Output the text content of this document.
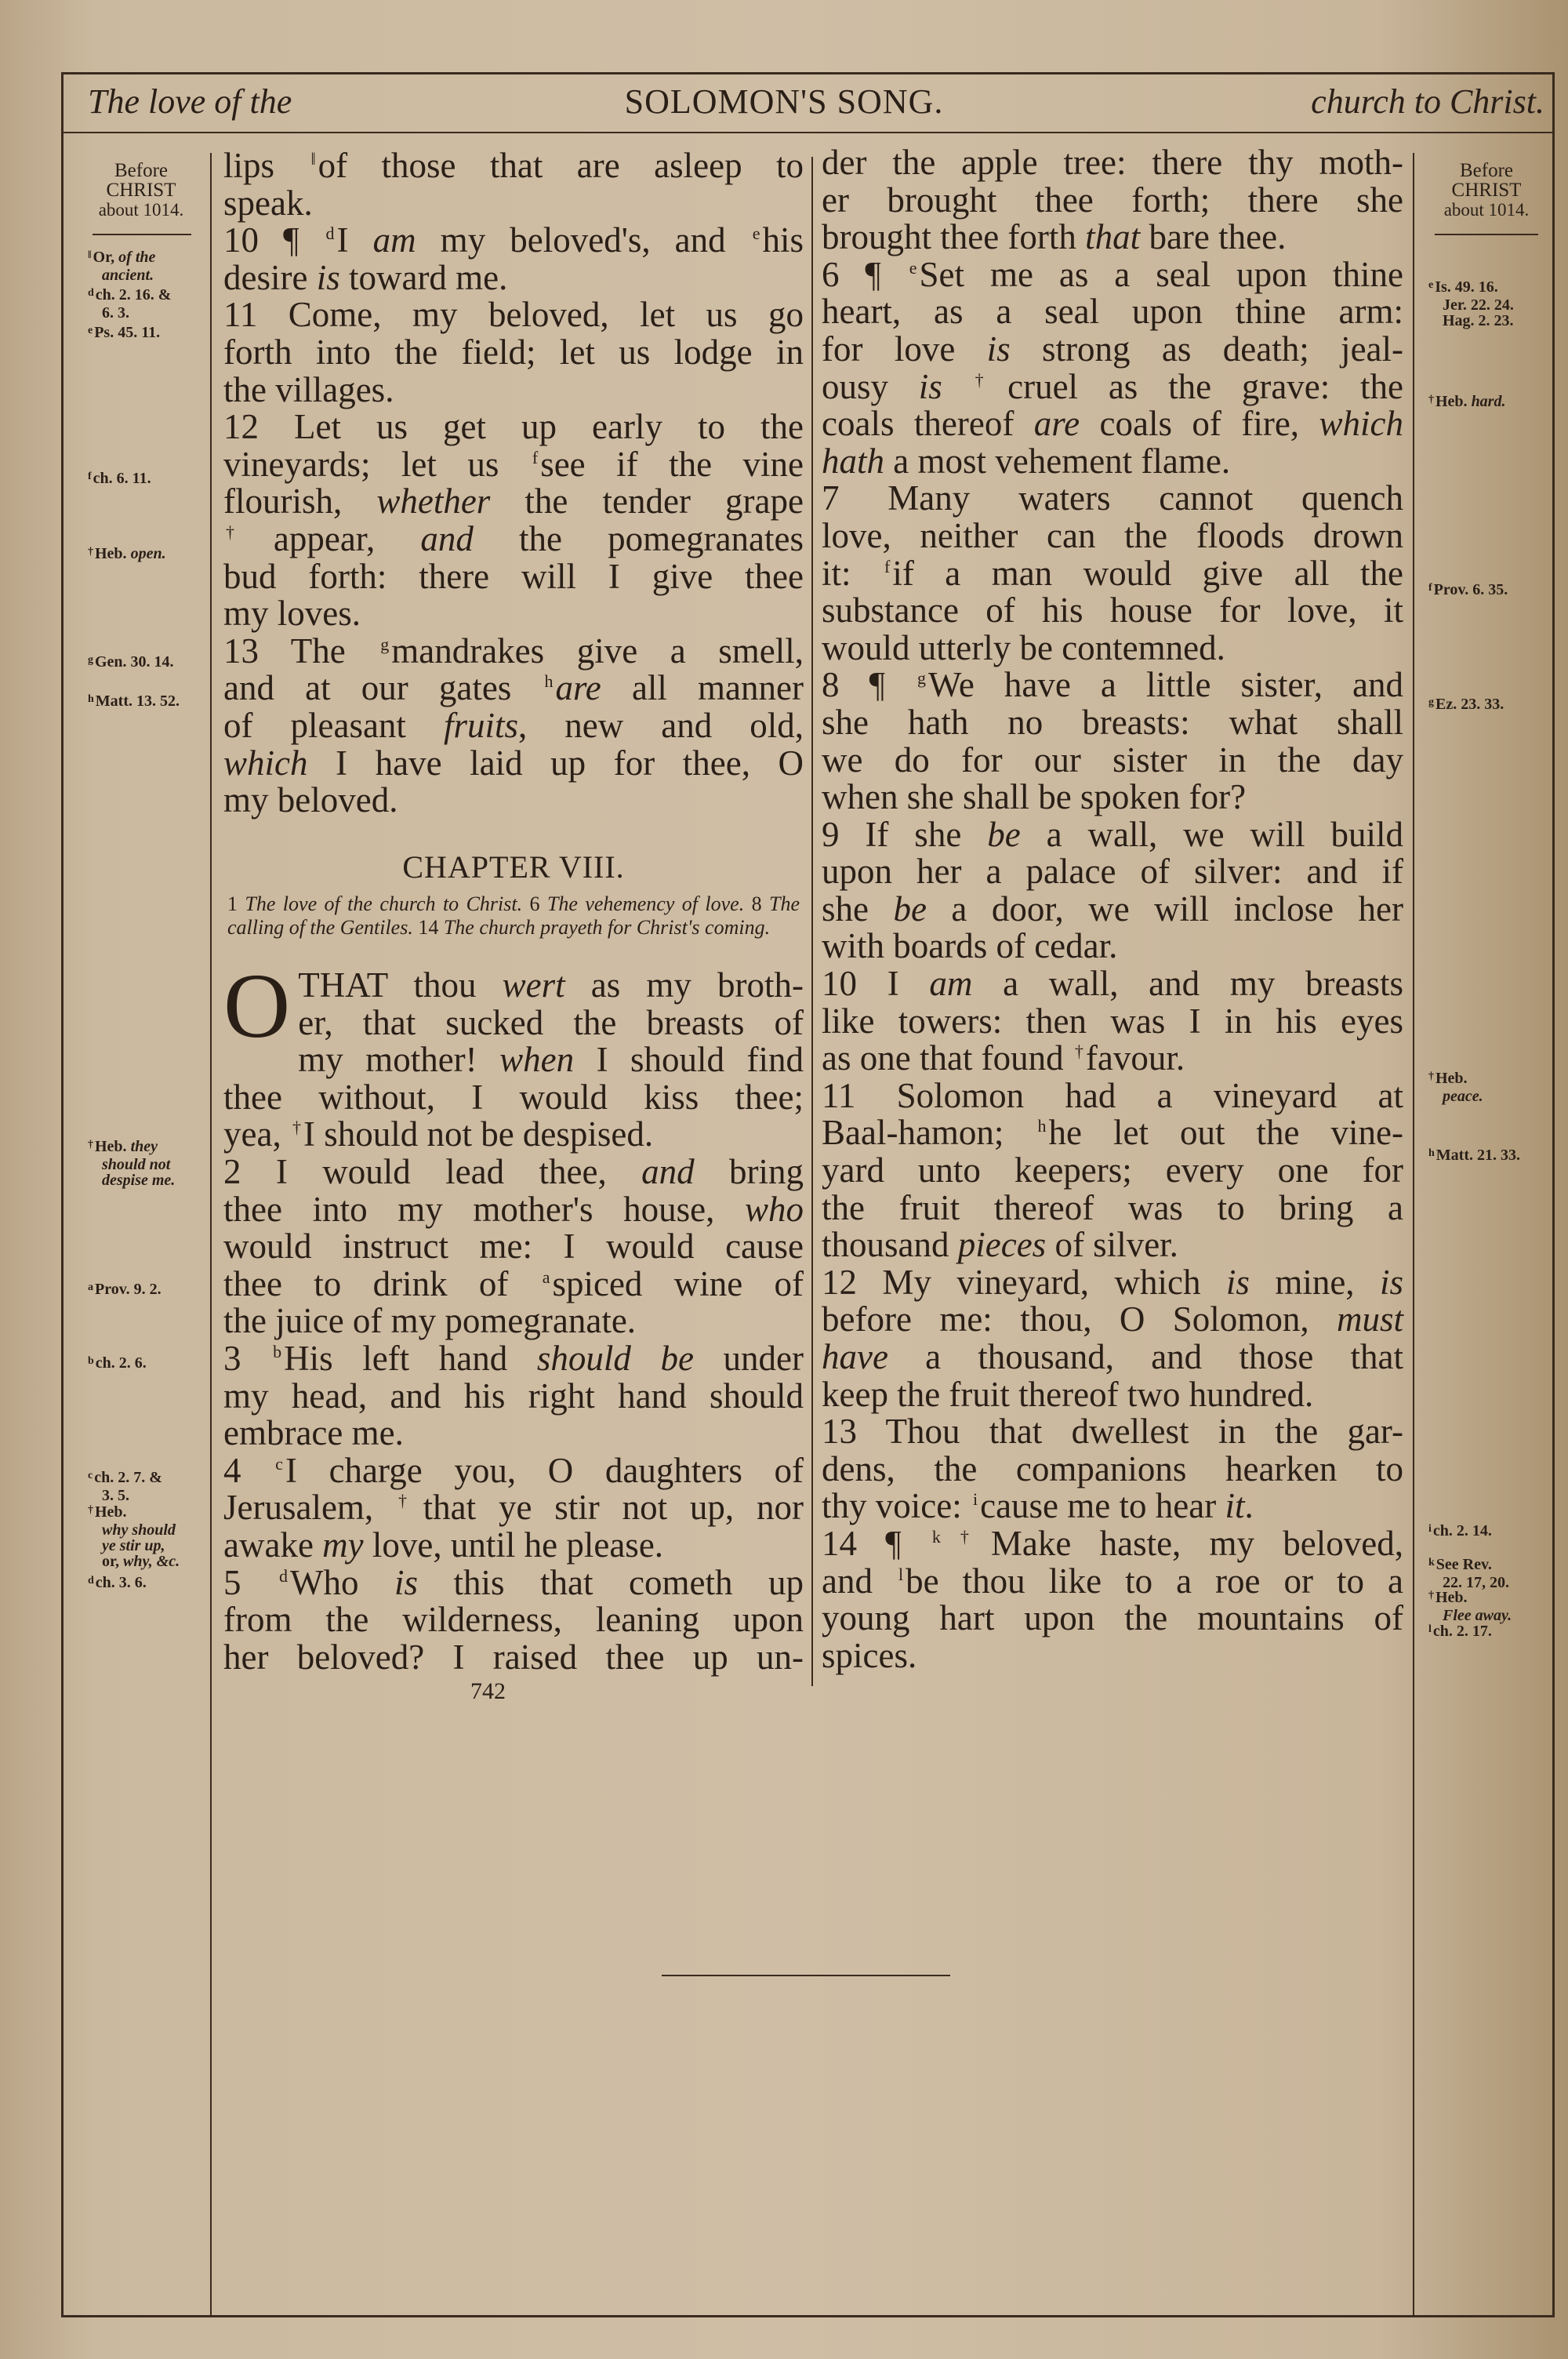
The love of the	SOLOMON'S SONG.	church to Christ.
Before
CHRIST
about 1014.
Before
CHRIST
about 1014.
lips ‖of those that are asleep to
speak.
10 ¶ $^d$I am my beloved's, and $^e$his
desire is toward me.
11 Come, my beloved, let us go
forth into the field; let us lodge in
the villages.
12 Let us get up early to the
vineyards; let us $^f$see if the vine
flourish, whether the tender grape
†appear, and the pomegranates
bud forth: there will I give thee
my loves.
13 The $^g$mandrakes give a smell,
and at our gates $^h$are all manner
of pleasant fruits, new and old,
which I have laid up for thee, O
my beloved.
CHAPTER VIII.
1 The love of the church to Christ. 6 The vehemency of love. 8 The calling of the Gentiles. 14 The church prayeth for Christ's coming.
O THAT thou wert as my broth-
er, that sucked the breasts of
my mother! when I should find
thee without, I would kiss thee;
yea, †I should not be despised.
2 I would lead thee, and bring
thee into my mother's house, who
would instruct me: I would cause
thee to drink of $^a$spiced wine of
the juice of my pomegranate.
3 $^b$His left hand should be under
my head, and his right hand should
embrace me.
4 $^c$I charge you, O daughters of
Jerusalem, †that ye stir not up, nor
awake my love, until he please.
5 $^d$Who is this that cometh up
from the wilderness, leaning upon
her beloved? I raised thee up un-
742
der the apple tree: there thy moth-
er brought thee forth; there she
brought thee forth that bare thee.
6 ¶ $^e$Set me as a seal upon thine
heart, as a seal upon thine arm:
for love is strong as death; jeal-
ousy is †cruel as the grave: the
coals thereof are coals of fire, which
hath a most vehement flame.
7 Many waters cannot quench
love, neither can the floods drown
it: $^f$if a man would give all the
substance of his house for love, it
would utterly be contemned.
8 ¶ $^g$We have a little sister, and
she hath no breasts: what shall
we do for our sister in the day
when she shall be spoken for?
9 If she be a wall, we will build
upon her a palace of silver: and if
she be a door, we will inclose her
with boards of cedar.
10 I am a wall, and my breasts
like towers: then was I in his eyes
as one that found †favour.
11 Solomon had a vineyard at
Baal-hamon; $^h$he let out the vine-
yard unto keepers; every one for
the fruit thereof was to bring a
thousand pieces of silver.
12 My vineyard, which is mine, is
before me: thou, O Solomon, must
have a thousand, and those that
keep the fruit thereof two hundred.
13 Thou that dwellest in the gar-
dens, the companions hearken to
thy voice: $^i$cause me to hear it.
14 ¶ $^{k\dagger}$Make haste, my beloved,
and $^l$be thou like to a roe or to a
young hart upon the mountains of
spices.
‖ Or, of the
ancient.
$^d$ ch. 2. 16. &
6. 3.
$^e$ Ps. 45. 11.
$^f$ ch. 6. 11.
† Heb. open.
$^g$ Gen. 30. 14.
$^h$ Matt. 13. 52.
† Heb. they
should not
despise me.
$^a$ Prov. 9. 2.
$^b$ ch. 2. 6.
$^c$ ch. 2. 7. &
3. 5.
† Heb.
why should
ye stir up,
or, why, &c.
$^d$ ch. 3. 6.
$^e$ Is. 49. 16.
Jer. 22. 24.
Hag. 2. 23.
† Heb. hard.
$^f$ Prov. 6. 35.
$^g$ Ez. 23. 33.
† Heb.
peace.
$^h$ Matt. 21. 33.
$^i$ ch. 2. 14.
$^k$ See Rev.
22. 17, 20.
† Heb.
Flee away.
$^l$ ch. 2. 17.
